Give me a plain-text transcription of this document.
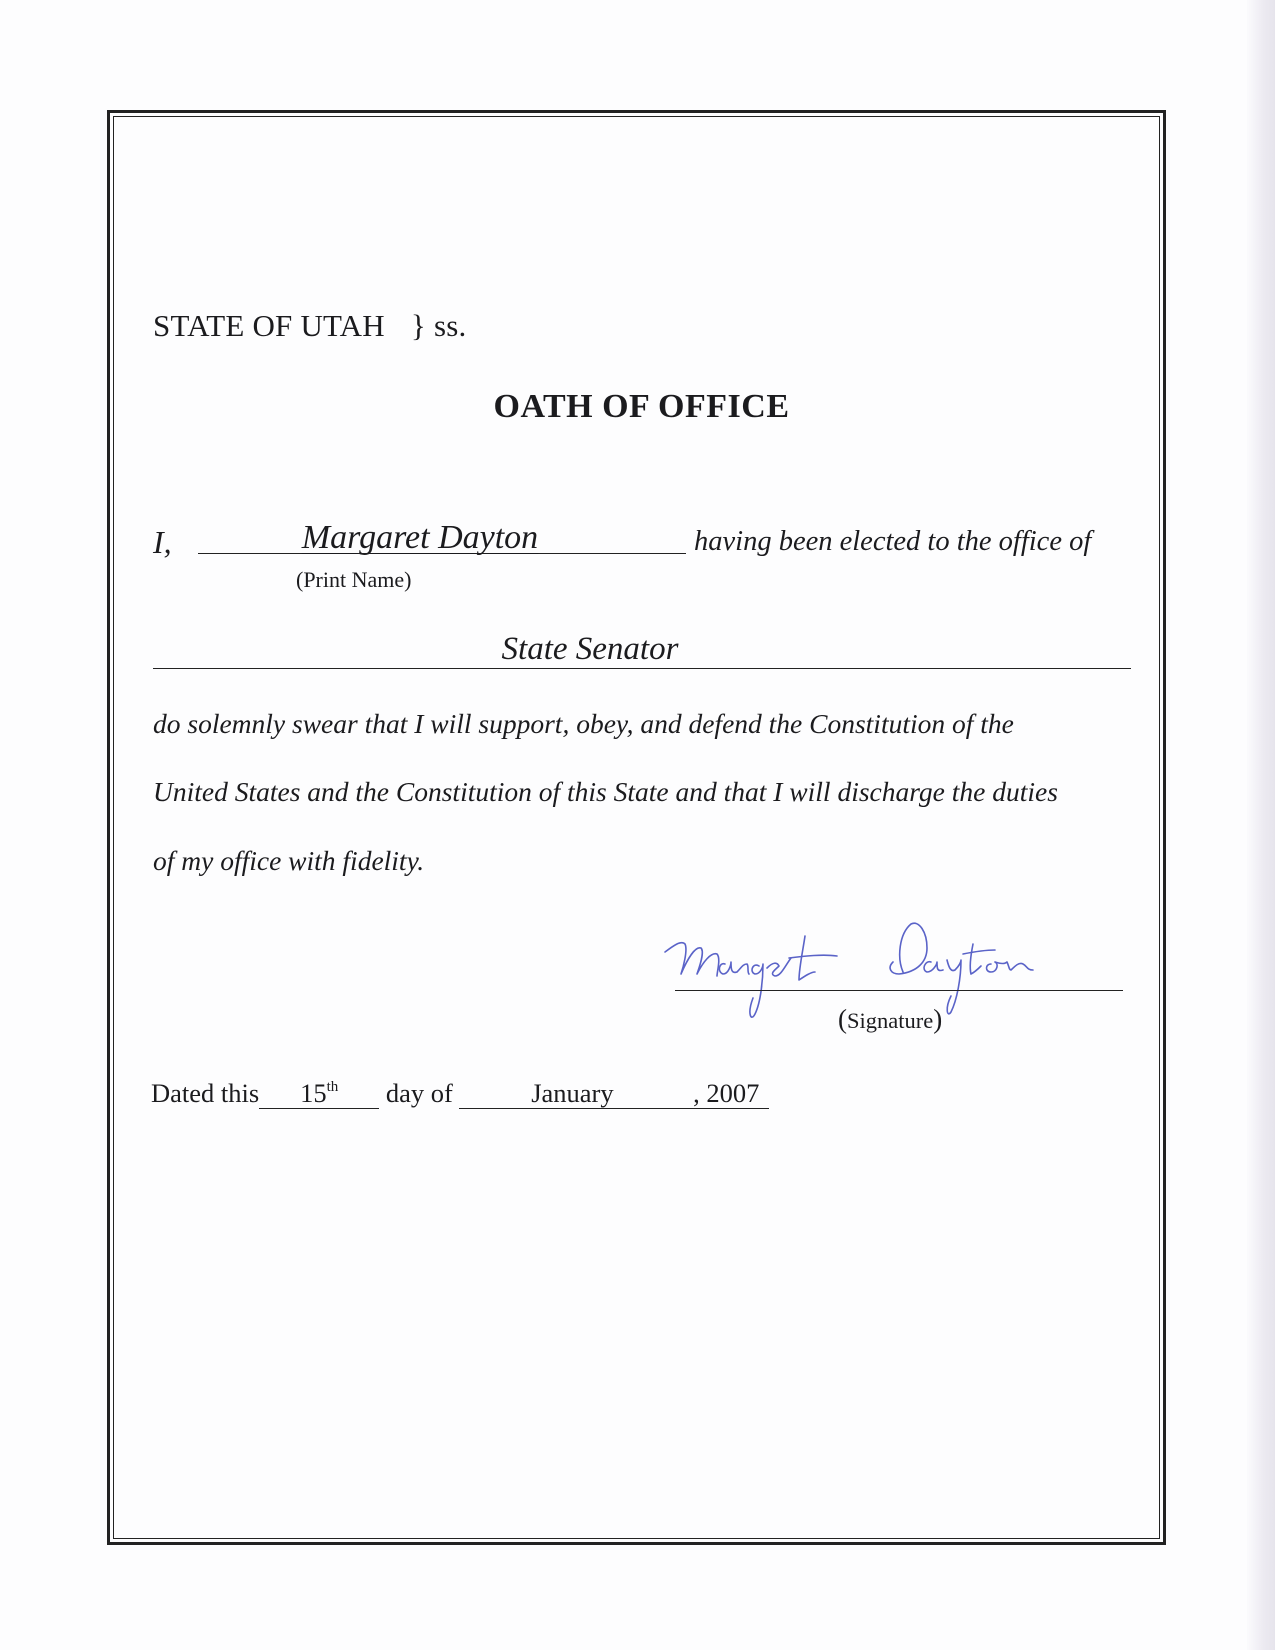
STATE OF UTAH } ss.
OATH OF OFFICE
I,	Margaret Dayton	having been elected to the office of
(Print Name)
State Senator
do solemnly swear that I will support, obey, and defend the Constitution of the
United States and the Constitution of this State and that I will discharge the duties
of my office with fidelity.
(Signature)
Dated this 15th day of	January	, 2007
